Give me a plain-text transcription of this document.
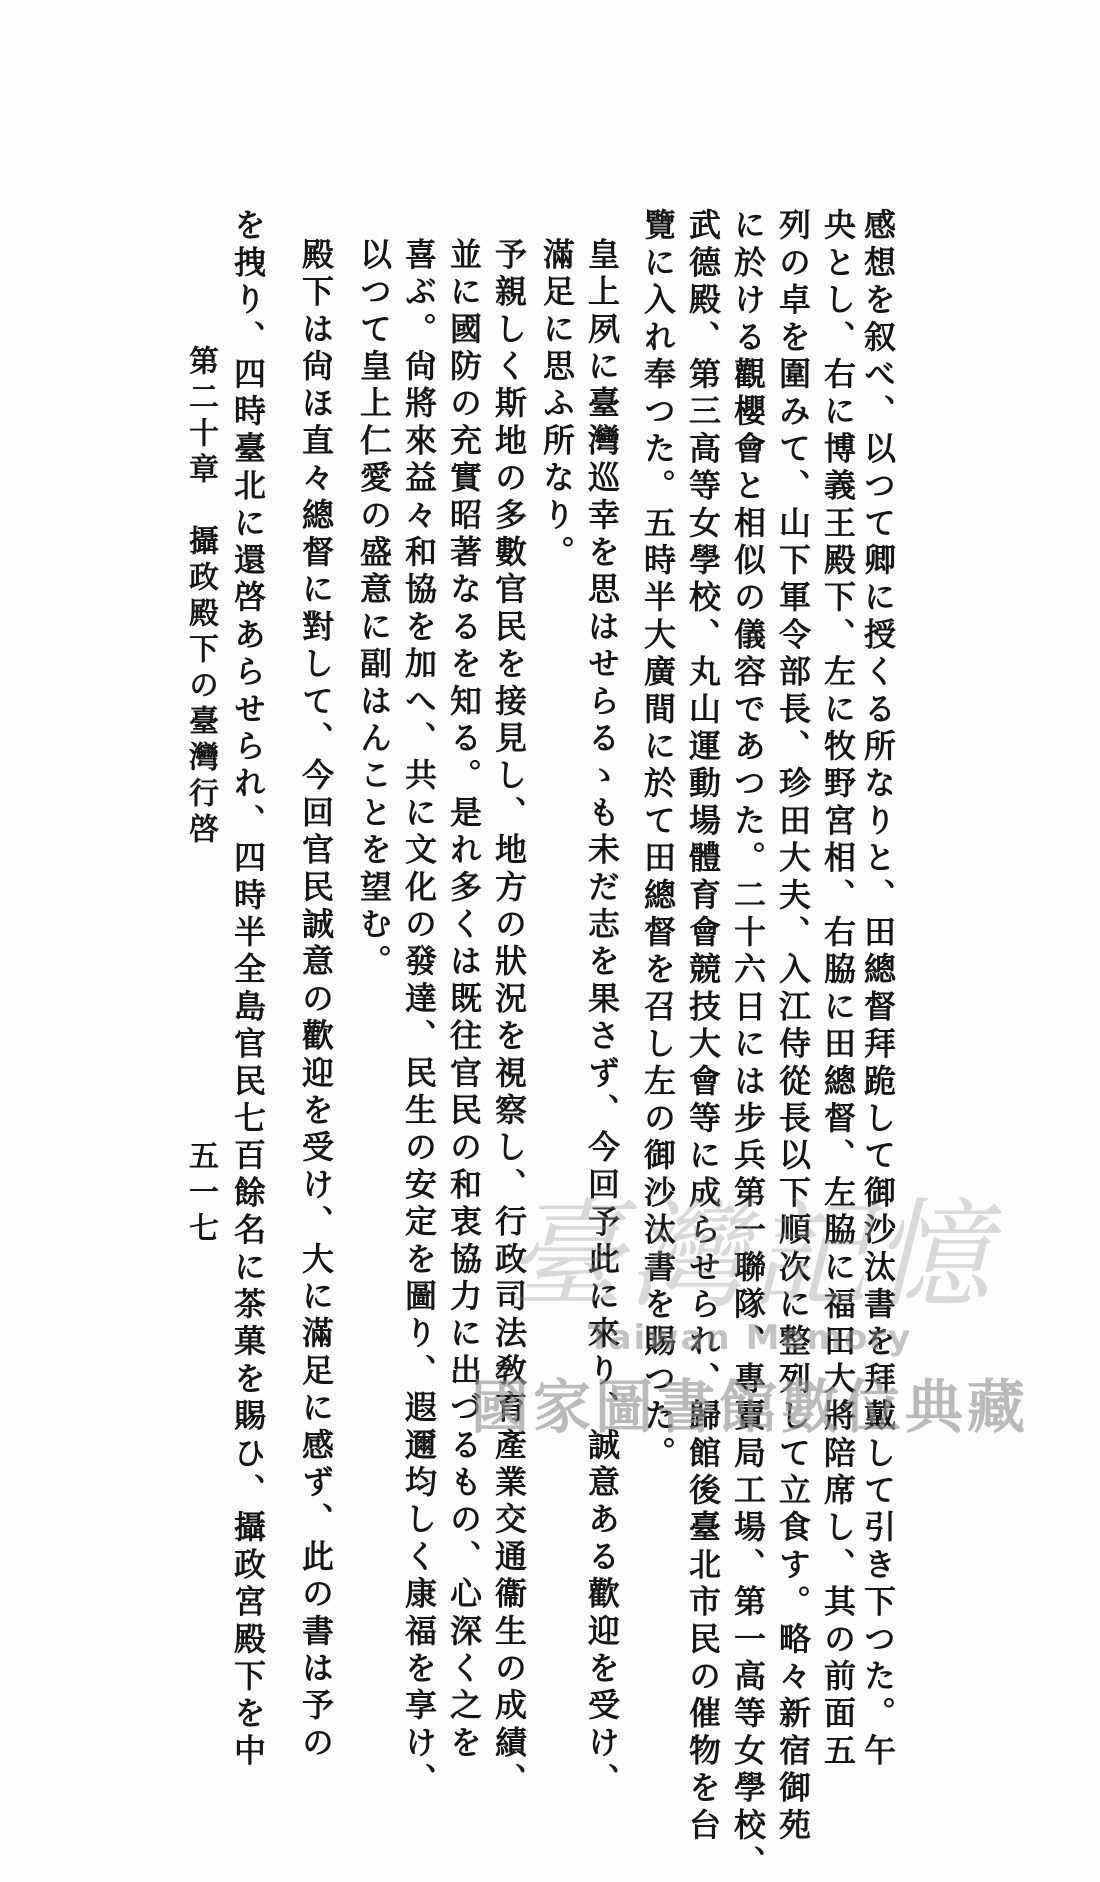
を拽り、四時臺北に還啓あらせられ、四時半全島官民七百餘名に茶菓を賜ひ、攝政宮殿下を中	央とし、右に博義王殿下、左に牧野宮相、右脇に田總督、左脇に福田大將陪席し、其の前面五
列の卓を圍みて、山下軍令部長、珍田大夫、入江侍從長以下順次に整列して立食す。略々新宿御苑
に於ける觀櫻會と相似の儀容であつた。二十六日には步兵第一聯隊、專賣局工場、第一高等女學校、
武德殿、第三高等女學校、丸山運動場體育會競技大會等に成らせられ、歸館後臺北市民の催物を台
覽に入れ奉つた。五時半大廣間に於て田總督を召し左の御沙汰書を賜つた。
　皇上夙に臺灣巡幸を思はせらるゝも未だ志を果さず、今回予此に來り、誠意ある歡迎を受け、
　滿足に思ふ所なり。
　予親しく斯地の多數官民を接見し、地方の狀況を視察し、行政司法敎育產業交通衞生の成績、
　並に國防の充實昭著なるを知る。是れ多くは既往官民の和衷協力に出づるもの、心深く之を
　喜ぶ。尙將來益々和協を加へ、共に文化の發達、民生の安定を圖り、遐邇均しく康福を享け、
　以つて皇上仁愛の盛意に副はんことを望む。
　殿下は尙ほ直々總督に對して、今回官民誠意の歡迎を受け、大に滿足に感ず、此の書は予の	感想を叙べ、以つて卿に授くる所なりと、田總督拜跪して御沙汰書を拜戴して引き下つた。午
第二十章　攝政殿下の臺灣行啓
五一七	臺灣記憶
Taiwan Memory
國家圖書館數位典藏
